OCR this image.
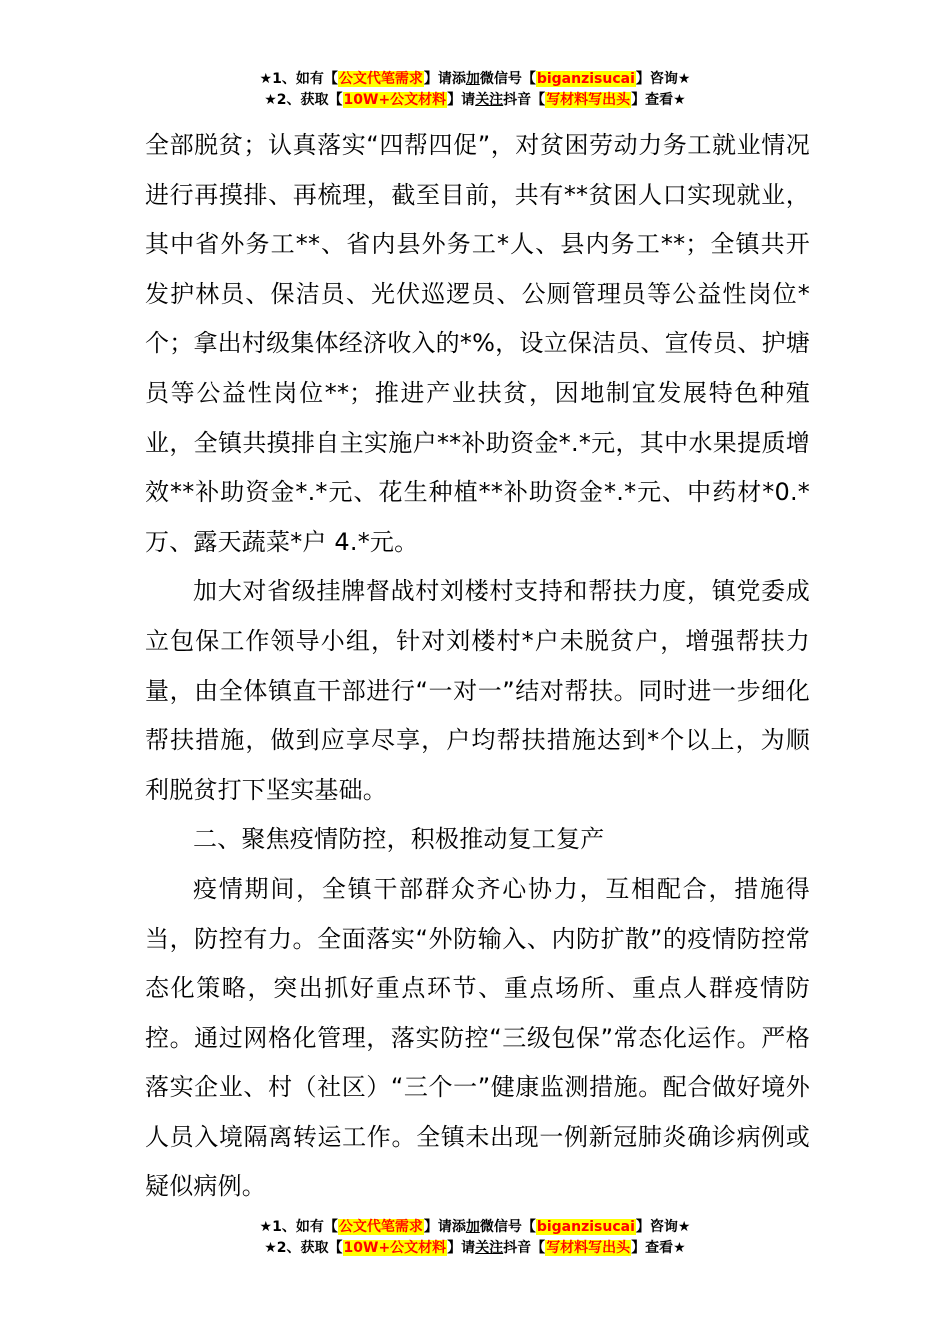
★1、如有【公文代笔需求】请添加微信号【biganzisucai】咨询★
★2、获取【10W+公文材料】请关注抖音【写材料写出头】查看★

全部脱贫；认真落实“四帮四促”，对贫困劳动力务工就业情况进行再摸排、再梳理，截至目前，共有**贫困人口实现就业，其中省外务工**、省内县外务工*人、县内务工**；全镇共开发护林员、保洁员、光伏巡逻员、公厕管理员等公益性岗位*个；拿出村级集体经济收入的*%，设立保洁员、宣传员、护塘员等公益性岗位**；推进产业扶贫，因地制宜发展特色种殖业，全镇共摸排自主实施户**补助资金*.*元，其中水果提质增效**补助资金*.*元、花生种植**补助资金*.*元、中药材*0.*万、露天蔬菜*户 4.*元。

加大对省级挂牌督战村刘楼村支持和帮扶力度，镇党委成立包保工作领导小组，针对刘楼村*户未脱贫户，增强帮扶力量，由全体镇直干部进行“一对一”结对帮扶。同时进一步细化帮扶措施，做到应享尽享，户均帮扶措施达到*个以上，为顺利脱贫打下坚实基础。

二、聚焦疫情防控，积极推动复工复产

疫情期间，全镇干部群众齐心协力，互相配合，措施得当，防控有力。全面落实“外防输入、内防扩散”的疫情防控常态化策略，突出抓好重点环节、重点场所、重点人群疫情防控。通过网格化管理，落实防控“三级包保”常态化运作。严格落实企业、村（社区）“三个一”健康监测措施。配合做好境外人员入境隔离转运工作。全镇未出现一例新冠肺炎确诊病例或疑似病例。

★1、如有【公文代笔需求】请添加微信号【biganzisucai】咨询★
★2、获取【10W+公文材料】请关注抖音【写材料写出头】查看★
